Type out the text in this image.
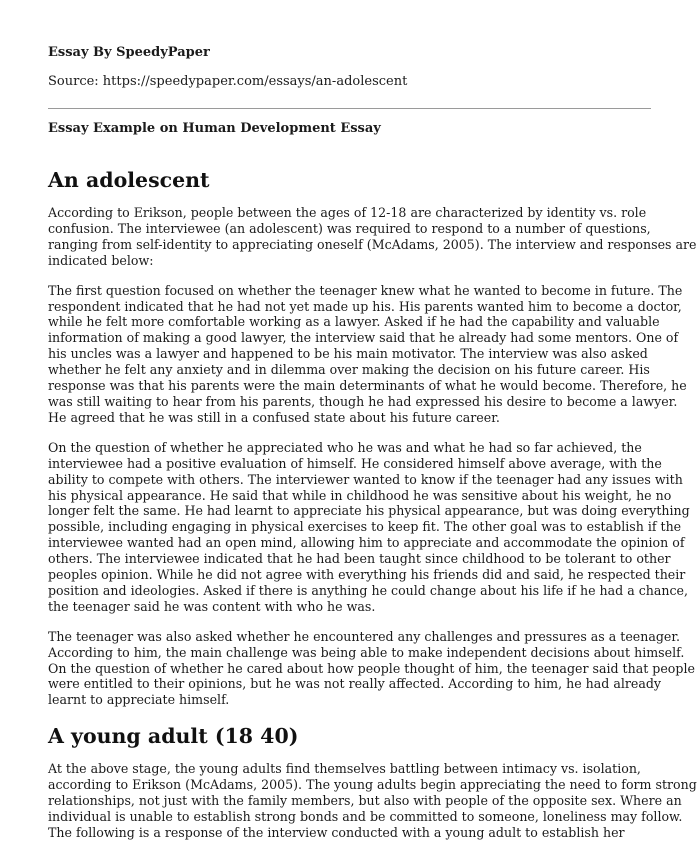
Essay By SpeedyPaper
Source: https://speedypaper.com/essays/an-adolescent
Essay Example on Human Development Essay
An adolescent

According to Erikson, people between the ages of 12-18 are characterized by identity vs. role
confusion. The interviewee (an adolescent) was required to respond to a number of questions,
ranging from self-identity to appreciating oneself (McAdams, 2005). The interview and responses are
indicated below:

The first question focused on whether the teenager knew what he wanted to become in future. The
respondent indicated that he had not yet made up his. His parents wanted him to become a doctor,
while he felt more comfortable working as a lawyer. Asked if he had the capability and valuable
information of making a good lawyer, the interview said that he already had some mentors. One of
his uncles was a lawyer and happened to be his main motivator. The interview was also asked
whether he felt any anxiety and in dilemma over making the decision on his future career. His
response was that his parents were the main determinants of what he would become. Therefore, he
was still waiting to hear from his parents, though he had expressed his desire to become a lawyer.
He agreed that he was still in a confused state about his future career.

On the question of whether he appreciated who he was and what he had so far achieved, the
interviewee had a positive evaluation of himself. He considered himself above average, with the
ability to compete with others. The interviewer wanted to know if the teenager had any issues with
his physical appearance. He said that while in childhood he was sensitive about his weight, he no
longer felt the same. He had learnt to appreciate his physical appearance, but was doing everything
possible, including engaging in physical exercises to keep fit. The other goal was to establish if the
interviewee wanted had an open mind, allowing him to appreciate and accommodate the opinion of
others. The interviewee indicated that he had been taught since childhood to be tolerant to other
peoples opinion. While he did not agree with everything his friends did and said, he respected their
position and ideologies. Asked if there is anything he could change about his life if he had a chance,
the teenager said he was content with who he was.

The teenager was also asked whether he encountered any challenges and pressures as a teenager.
According to him, the main challenge was being able to make independent decisions about himself.
On the question of whether he cared about how people thought of him, the teenager said that people
were entitled to their opinions, but he was not really affected. According to him, he had already
learnt to appreciate himself.

A young adult (18 40)

At the above stage, the young adults find themselves battling between intimacy vs. isolation,
according to Erikson (McAdams, 2005). The young adults begin appreciating the need to form strong
relationships, not just with the family members, but also with people of the opposite sex. Where an
individual is unable to establish strong bonds and be committed to someone, loneliness may follow.
The following is a response of the interview conducted with a young adult to establish her
